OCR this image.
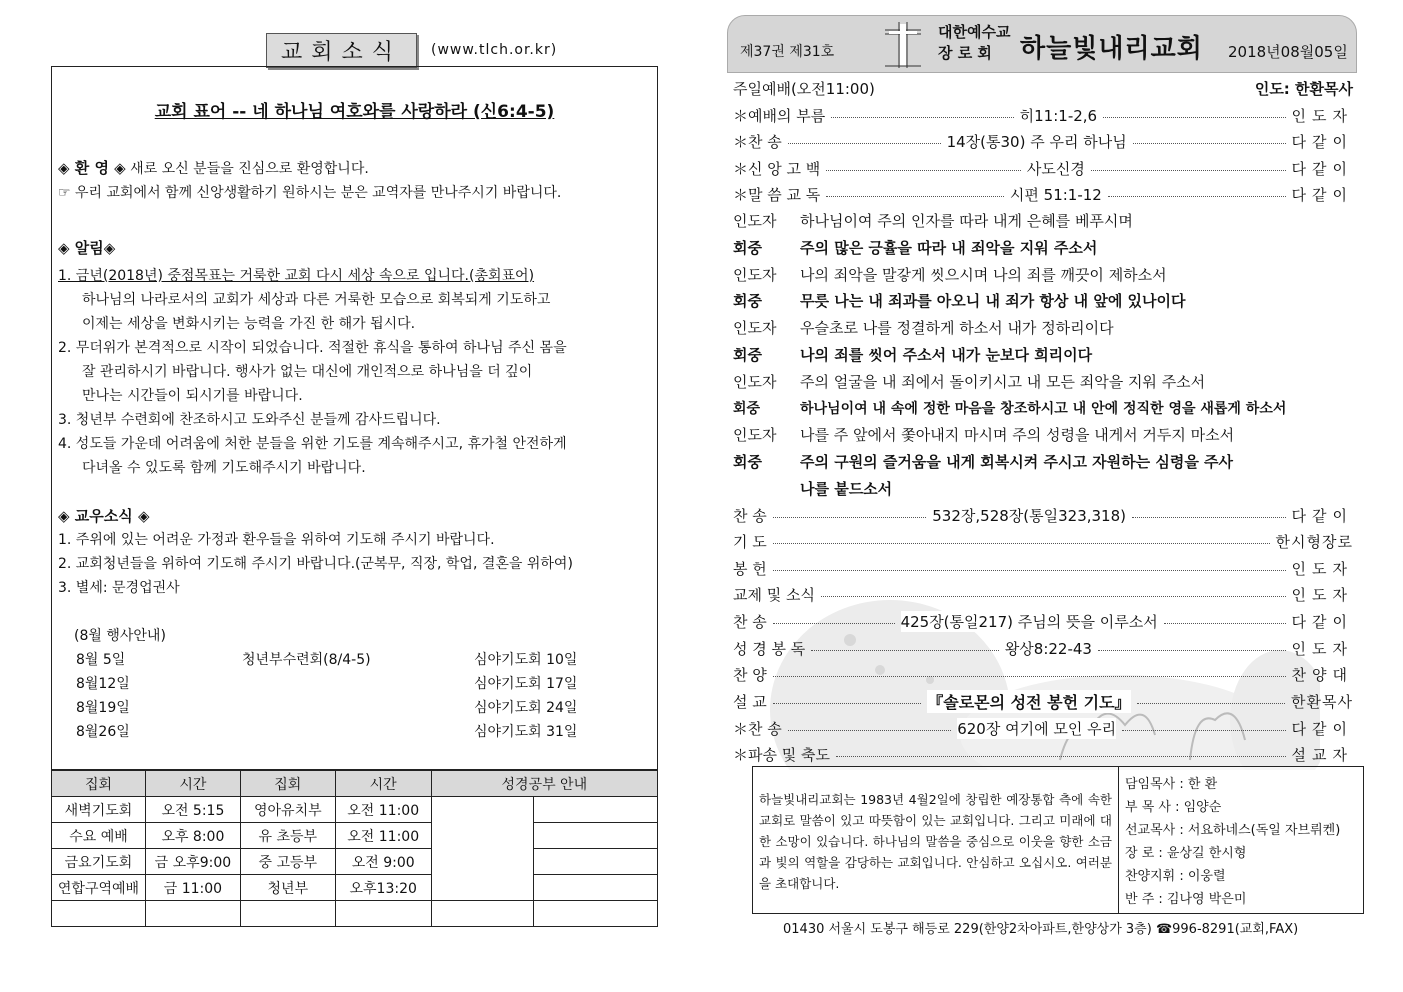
교회소식	(www.tlch.or.kr)
교회 표어 -- 네 하나님 여호와를 사랑하라 (신6:4-5)
◈ 환 영 ◈ 새로 오신 분들을 진심으로 환영합니다.
☞ 우리 교회에서 함께 신앙생활하기 원하시는 분은 교역자를 만나주시기 바랍니다.
◈ 알림◈
1. 금년(2018년) 중점목표는 거룩한 교회 다시 세상 속으로 입니다.(총회표어)
하나님의 나라로서의 교회가 세상과 다른 거룩한 모습으로 회복되게 기도하고
이제는 세상을 변화시키는 능력을 가진 한 해가 됩시다.
2. 무더위가 본격적으로 시작이 되었습니다. 적절한 휴식을 통하여 하나님 주신 몸을
잘 관리하시기 바랍니다. 행사가 없는 대신에 개인적으로 하나님을 더 깊이
만나는 시간들이 되시기를 바랍니다.
3. 청년부 수련회에 찬조하시고 도와주신 분들께 감사드립니다.
4. 성도들 가운데 어려움에 처한 분들을 위한 기도를 계속해주시고, 휴가철 안전하게
다녀올 수 있도록 함께 기도해주시기 바랍니다.
◈ 교우소식 ◈
1. 주위에 있는 어려운 가정과 환우들을 위하여 기도해 주시기 바랍니다.
2. 교회청년들을 위하여 기도해 주시기 바랍니다.(군복무, 직장, 학업, 결혼을 위하여)
3. 별세: 문경업권사
(8월 행사안내)
8월 5일	청년부수련회(8/4-5)	심야기도회 10일
8월12일	심야기도회 17일
8월19일	심야기도회 24일
8월26일	심야기도회 31일
집회	시간	집회	시간	성경공부 안내	
새벽기도회	오전 5:15	영아유치부	오전 11:00		
수요 예배	오후 8:00	유 초등부	오전 11:00		
금요기도회	금 오후9:00	중 고등부	오전 9:00		
연합구역예배	금 11:00	청년부	오후13:20		

제37권 제31호
대한예수교
장 로 회	하늘빛내리교회 2018년08월05일
주일예배(오전11:00)	인도: 한환목사
＊예배의 부름	히11:1-2,6	인도자
＊찬 송	14장(통30) 주 우리 하나님	다같이
＊신 앙 고 백	사도신경	다같이
＊말 씀 교 독	시편 51:1-12	다같이
인도자 하나님이여 주의 인자를 따라 내게 은혜를 베푸시며
회중	주의 많은 긍휼을 따라 내 죄악을 지워 주소서
인도자 나의 죄악을 말갛게 씻으시며 나의 죄를 깨끗이 제하소서
회중	무릇 나는 내 죄과를 아오니 내 죄가 항상 내 앞에 있나이다
인도자 우슬초로 나를 정결하게 하소서 내가 정하리이다
회중	나의 죄를 씻어 주소서 내가 눈보다 희리이다
인도자 주의 얼굴을 내 죄에서 돌이키시고 내 모든 죄악을 지워 주소서
회중	하나님이여 내 속에 정한 마음을 창조하시고 내 안에 정직한 영을 새롭게 하소서
인도자 나를 주 앞에서 쫓아내지 마시며 주의 성령을 내게서 거두지 마소서
회중	주의 구원의 즐거움을 내게 회복시켜 주시고 자원하는 심령을 주사
나를 붙드소서
찬 송	532장,528장(통일323,318)	다같이
기 도	한시형장로
봉 헌	인도자
교제 및 소식	인도자
찬 송	425장(통일217) 주님의 뜻을 이루소서	다같이
성 경 봉 독	왕상8:22-43	인도자
찬 양	찬양대
설 교	『솔로몬의 성전 봉헌 기도』	한환목사
＊찬 송	620장 여기에 모인 우리	다같이
＊파송 및 축도	설교자
하늘빛내리교회는 1983년 4월2일에 창립한 예장통합 측에 속한 교회로 말씀이 있고 따뜻함이 있는 교회입니다. 그리고 미래에 대한 소망이 있습니다. 하나님의 말씀을 중심으로 이웃을 향한 소금과 빛의 역할을 감당하는 교회입니다. 안심하고 오십시오. 여러분을 초대합니다.
담임목사 : 한 환
부 목 사 : 임양순
선교목사 : 서요하네스(독일 자브뤼켄)
장 로 : 윤상길 한시형
찬양지휘 : 이웅렬
반 주 : 김나영 박은미
01430 서울시 도봉구 해등로 229(한양2차아파트,한양상가 3층) ☎996-8291(교회,FAX)
